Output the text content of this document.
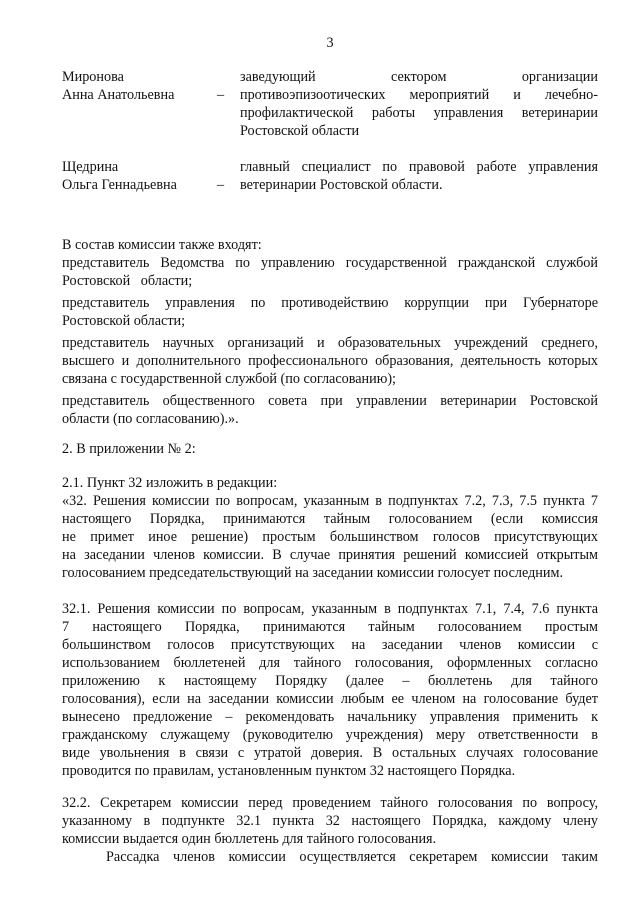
3
Миронова
Анна Анатольевна	–
заведующий сектором организации
противоэпизоотических мероприятий и лечебно-
профилактической работы управления ветеринарии
Ростовской области
Щедрина
Ольга Геннадьевна	–
главный специалист по правовой работе управления
ветеринарии Ростовской области.

В состав комиссии также входят:

представитель Ведомства по управлению государственной гражданской службой
Ростовской   области;
представитель управления по противодействию коррупции при Губернаторе
Ростовской области;
представитель научных организаций и образовательных учреждений среднего,
высшего и дополнительного профессионального образования, деятельность которых
связана с государственной службой (по согласованию);
представитель общественного совета при управлении ветеринарии Ростовской
области (по согласованию).».
2. В приложении № 2:
2.1. Пункт 32 изложить в редакции:
«32. Решения комиссии по вопросам, указанным в подпунктах 7.2, 7.3, 7.5 пункта 7
настоящего Порядка, принимаются тайным голосованием (если комиссия
не примет иное решение) простым большинством голосов присутствующих
на заседании членов комиссии. В случае принятия решений комиссией открытым
голосованием председательствующий на заседании комиссии голосует последним.
32.1. Решения комиссии по вопросам, указанным в подпунктах 7.1, 7.4, 7.6 пункта
7 настоящего Порядка, принимаются тайным голосованием простым
большинством голосов присутствующих на заседании членов комиссии с
использованием бюллетеней для тайного голосования, оформленных согласно
приложению к настоящему Порядку (далее – бюллетень для тайного
голосования), если на заседании комиссии любым ее членом на голосование будет
вынесено предложение – рекомендовать начальнику управления применить к
гражданскому служащему (руководителю учреждения) меру ответственности в
виде увольнения в связи с утратой доверия. В остальных случаях голосование
проводится по правилам, установленным пунктом 32 настоящего Порядка.
32.2. Секретарем комиссии перед проведением тайного голосования по вопросу,
указанному в подпункте 32.1 пункта 32 настоящего Порядка, каждому члену
комиссии выдается один бюллетень для тайного голосования.
Рассадка членов комиссии осуществляется секретарем комиссии таким
